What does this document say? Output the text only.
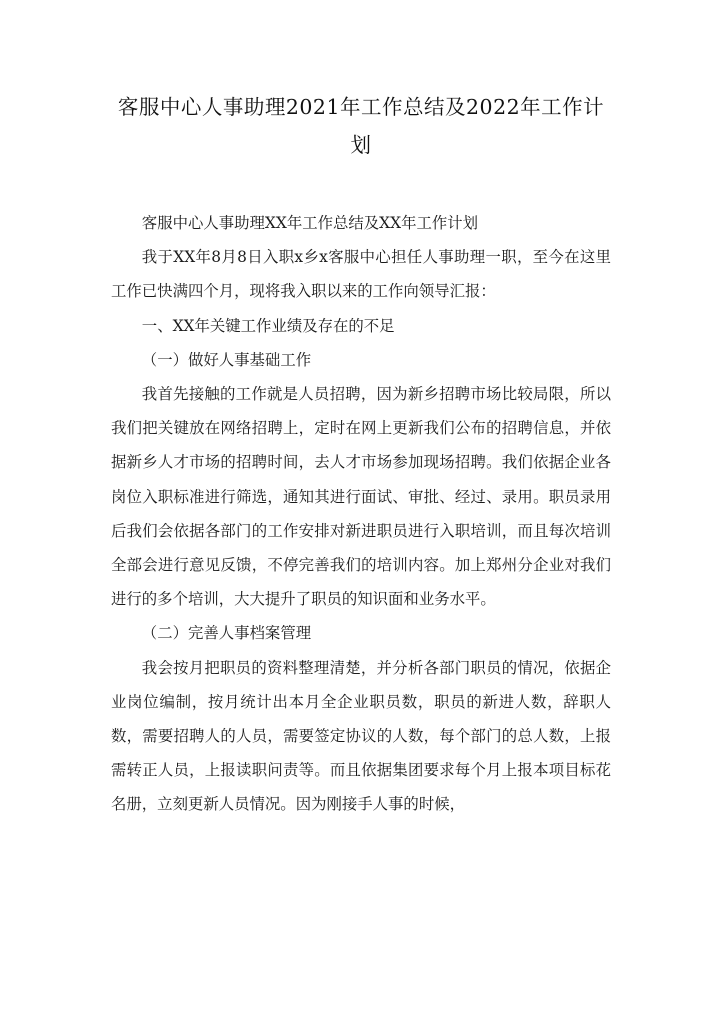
客服中心人事助理2021年工作总结及2022年工作计划

客服中心人事助理XX年工作总结及XX年工作计划

我于XX年8月8日入职x乡x客服中心担任人事助理一职，至今在这里工作已快满四个月，现将我入职以来的工作向领导汇报：

一、XX年关键工作业绩及存在的不足

（一）做好人事基础工作

我首先接触的工作就是人员招聘，因为新乡招聘市场比较局限，所以我们把关键放在网络招聘上，定时在网上更新我们公布的招聘信息，并依据新乡人才市场的招聘时间，去人才市场参加现场招聘。我们依据企业各岗位入职标准进行筛选，通知其进行面试、审批、经过、录用。职员录用后我们会依据各部门的工作安排对新进职员进行入职培训，而且每次培训全部会进行意见反馈，不停完善我们的培训内容。加上郑州分企业对我们进行的多个培训，大大提升了职员的知识面和业务水平。

（二）完善人事档案管理

我会按月把职员的资料整理清楚，并分析各部门职员的情况，依据企业岗位编制，按月统计出本月全企业职员数，职员的新进人数，辞职人数，需要招聘人的人员，需要签定协议的人数，每个部门的总人数，上报需转正人员，上报读职问责等。而且依据集团要求每个月上报本项目标花名册，立刻更新人员情况。因为刚接手人事的时候，
